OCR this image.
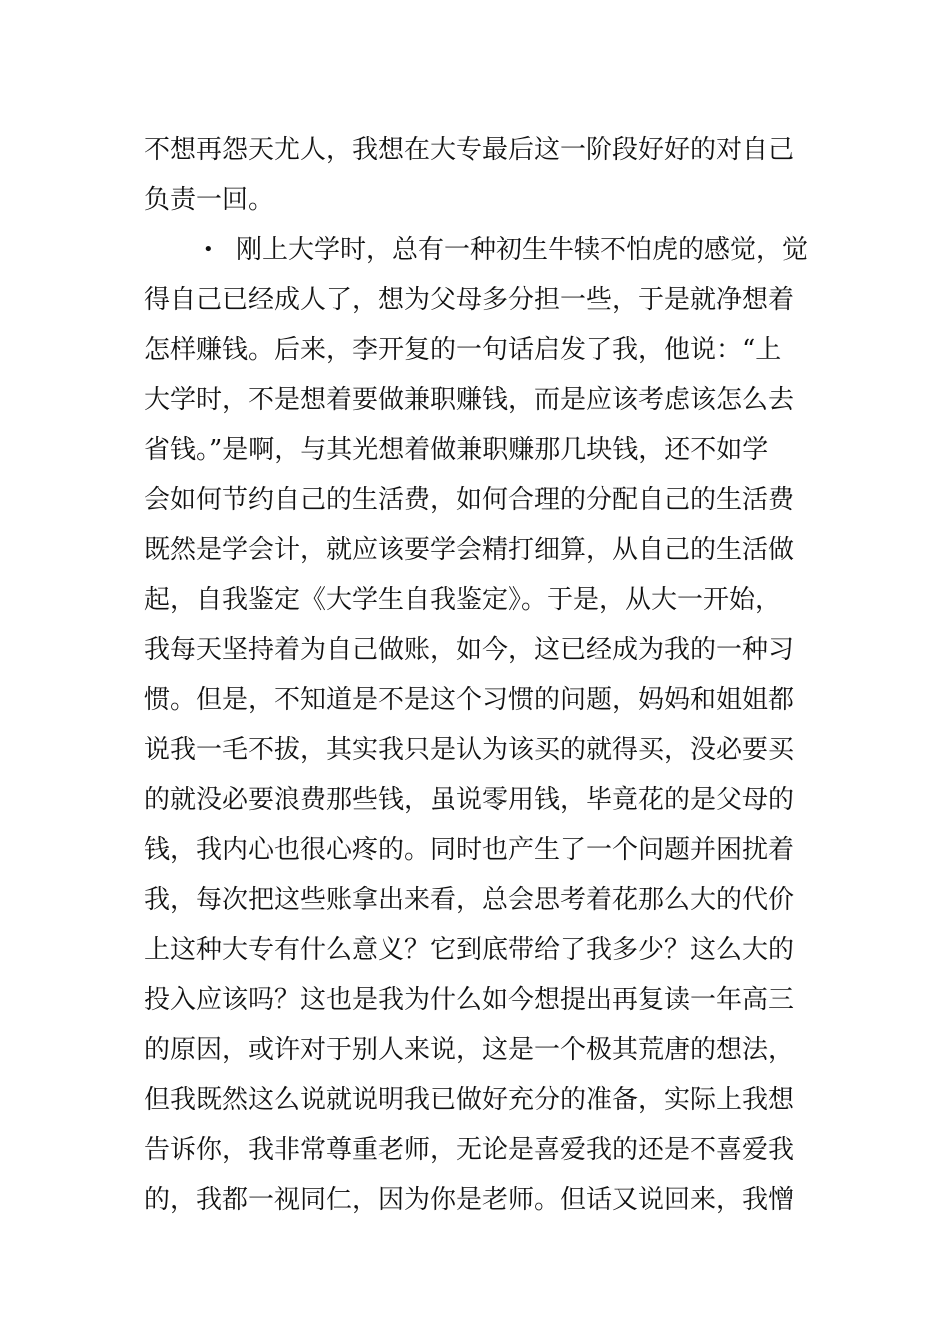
不想再怨天尤人，我想在大专最后这一阶段好好的对自己
负责一回。
• 刚上大学时，总有一种初生牛犊不怕虎的感觉，觉
得自己已经成人了，想为父母多分担一些，于是就净想着
怎样赚钱。后来，李开复的一句话启发了我，他说：“上
大学时，不是想着要做兼职赚钱，而是应该考虑该怎么去
省钱。”是啊，与其光想着做兼职赚那几块钱，还不如学
会如何节约自己的生活费，如何合理的分配自己的生活费
既然是学会计，就应该要学会精打细算，从自己的生活做
起，自我鉴定《大学生自我鉴定》。于是，从大一开始，
我每天坚持着为自己做账，如今，这已经成为我的一种习
惯。但是，不知道是不是这个习惯的问题，妈妈和姐姐都
说我一毛不拔，其实我只是认为该买的就得买，没必要买
的就没必要浪费那些钱，虽说零用钱，毕竟花的是父母的
钱，我内心也很心疼的。同时也产生了一个问题并困扰着
我，每次把这些账拿出来看，总会思考着花那么大的代价
上这种大专有什么意义？它到底带给了我多少？这么大的
投入应该吗？这也是我为什么如今想提出再复读一年高三
的原因，或许对于别人来说，这是一个极其荒唐的想法，
但我既然这么说就说明我已做好充分的准备，实际上我想
告诉你，我非常尊重老师，无论是喜爱我的还是不喜爱我
的，我都一视同仁，因为你是老师。但话又说回来，我憎
